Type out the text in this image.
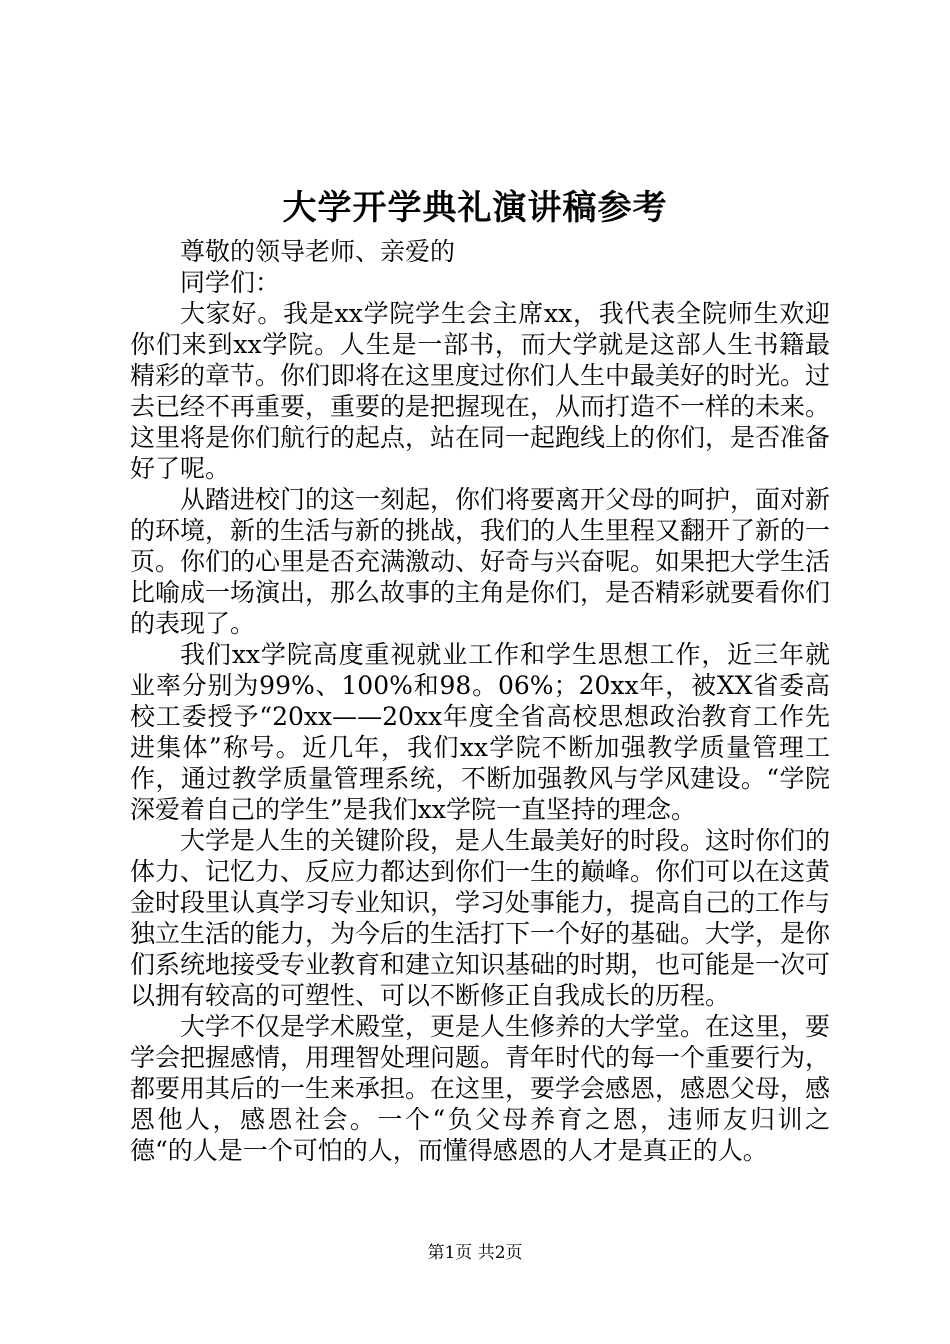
大学开学典礼演讲稿参考

尊敬的领导老师、亲爱的

同学们：

大家好。我是xx学院学生会主席xx，我代表全院师生欢迎你们来到xx学院。人生是一部书，而大学就是这部人生书籍最精彩的章节。你们即将在这里度过你们人生中最美好的时光。过去已经不再重要，重要的是把握现在，从而打造不一样的未来。这里将是你们航行的起点，站在同一起跑线上的你们，是否准备好了呢。

从踏进校门的这一刻起，你们将要离开父母的呵护，面对新的环境，新的生活与新的挑战，我们的人生里程又翻开了新的一页。你们的心里是否充满激动、好奇与兴奋呢。如果把大学生活比喻成一场演出，那么故事的主角是你们，是否精彩就要看你们的表现了。

我们xx学院高度重视就业工作和学生思想工作，近三年就业率分别为99%、100%和98。06%；20xx年，被XX省委高校工委授予“20xx——20xx年度全省高校思想政治教育工作先进集体”称号。近几年，我们xx学院不断加强教学质量管理工作，通过教学质量管理系统，不断加强教风与学风建设。“学院深爱着自己的学生”是我们xx学院一直坚持的理念。

大学是人生的关键阶段，是人生最美好的时段。这时你们的体力、记忆力、反应力都达到你们一生的巅峰。你们可以在这黄金时段里认真学习专业知识，学习处事能力，提高自己的工作与独立生活的能力，为今后的生活打下一个好的基础。大学，是你们系统地接受专业教育和建立知识基础的时期，也可能是一次可以拥有较高的可塑性、可以不断修正自我成长的历程。

大学不仅是学术殿堂，更是人生修养的大学堂。在这里，要学会把握感情，用理智处理问题。青年时代的每一个重要行为，都要用其后的一生来承担。在这里，要学会感恩，感恩父母，感恩他人，感恩社会。一个“负父母养育之恩，违师友归训之德“的人是一个可怕的人，而懂得感恩的人才是真正的人。

第1页 共2页
